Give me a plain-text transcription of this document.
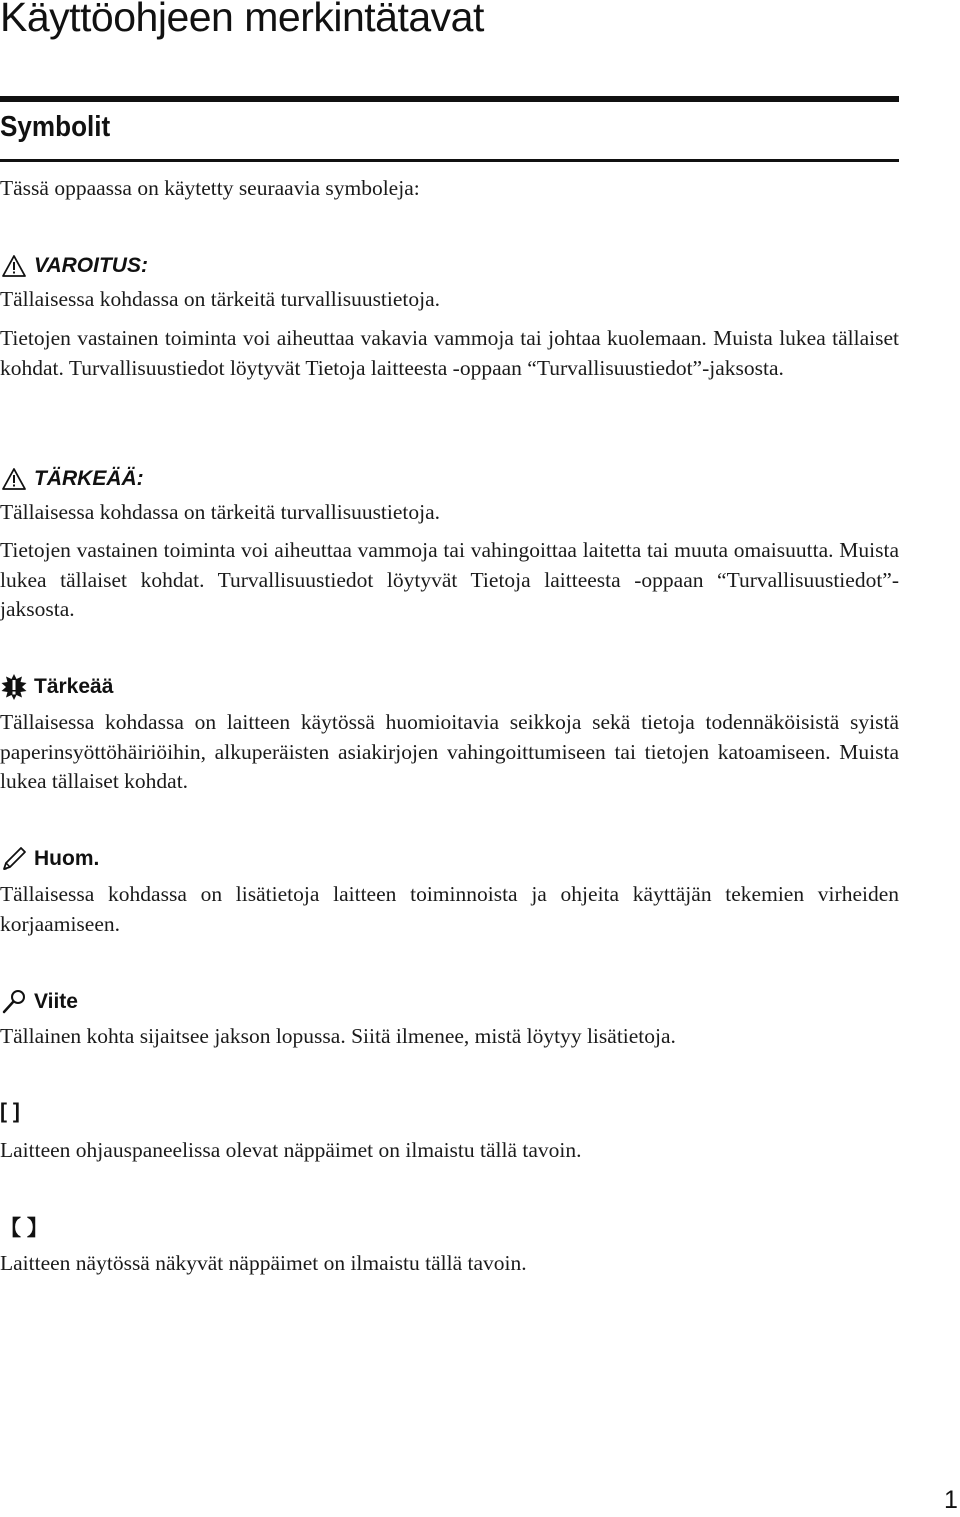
Käyttöohjeen merkintätavat
Symbolit

Tässä oppaassa on käytetty seuraavia symboleja:

VAROITUS:

Tällaisessa kohdassa on tärkeitä turvallisuustietoja.

Tietojen vastainen toiminta voi aiheuttaa vakavia vammoja tai johtaa kuolemaan. Muista lukea tällaiset kohdat. Turvallisuustiedot löytyvät Tietoja laitteesta -oppaan “Turvallisuustiedot”-jaksosta.

TÄRKEÄÄ:

Tällaisessa kohdassa on tärkeitä turvallisuustietoja.

Tietojen vastainen toiminta voi aiheuttaa vammoja tai vahingoittaa laitetta tai muuta omaisuutta. Muista lukea tällaiset kohdat. Turvallisuustiedot löytyvät Tietoja laitteesta -oppaan “Turvallisuustiedot”-jaksosta.

Tärkeää

Tällaisessa kohdassa on laitteen käytössä huomioitavia seikkoja sekä tietoja todennäköisistä syistä paperinsyöttöhäiriöihin, alkuperäisten asiakirjojen vahingoittumiseen tai tietojen katoamiseen. Muista lukea tällaiset kohdat.

Huom.

Tällaisessa kohdassa on lisätietoja laitteen toiminnoista ja ohjeita käyttäjän tekemien virheiden korjaamiseen.

Viite

Tällainen kohta sijaitsee jakson lopussa. Siitä ilmenee, mistä löytyy lisätietoja.

[ ]

Laitteen ohjauspaneelissa olevat näppäimet on ilmaistu tällä tavoin.

【 】

Laitteen näytössä näkyvät näppäimet on ilmaistu tällä tavoin.

1
